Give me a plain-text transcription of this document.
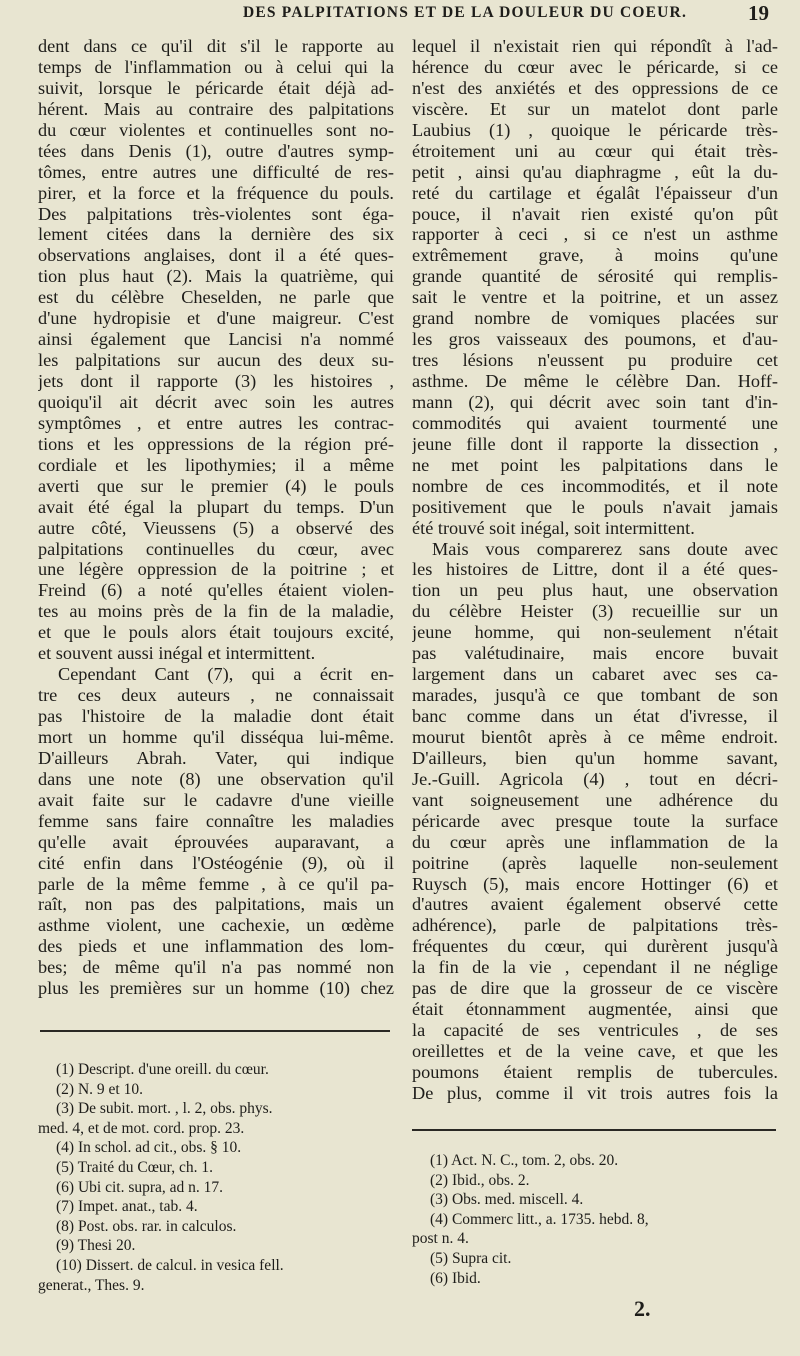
DES PALPITATIONS ET DE LA DOULEUR DU COEUR.	19
dent dans ce qu'il dit s'il le rapporte au
temps de l'inflammation ou à celui qui la
suivit, lorsque le péricarde était déjà ad-
hérent. Mais au contraire des palpitations
du cœur violentes et continuelles sont no-
tées dans Denis (1), outre d'autres symp-
tômes, entre autres une difficulté de res-
pirer, et la force et la fréquence du pouls.
Des palpitations très-violentes sont éga-
lement citées dans la dernière des six
observations anglaises, dont il a été ques-
tion plus haut (2). Mais la quatrième, qui
est du célèbre Cheselden, ne parle que
d'une hydropisie et d'une maigreur. C'est
ainsi également que Lancisi n'a nommé
les palpitations sur aucun des deux su-
jets dont il rapporte (3) les histoires ,
quoiqu'il ait décrit avec soin les autres
symptômes , et entre autres les contrac-
tions et les oppressions de la région pré-
cordiale et les lipothymies; il a même
averti que sur le premier (4) le pouls
avait été égal la plupart du temps. D'un
autre côté, Vieussens (5) a observé des
palpitations continuelles du cœur, avec
une légère oppression de la poitrine ; et
Freind (6) a noté qu'elles étaient violen-
tes au moins près de la fin de la maladie,
et que le pouls alors était toujours excité,
et souvent aussi inégal et intermittent.
Cependant Cant (7), qui a écrit en-
tre ces deux auteurs , ne connaissait
pas l'histoire de la maladie dont était
mort un homme qu'il disséqua lui-même.
D'ailleurs Abrah. Vater, qui indique
dans une note (8) une observation qu'il
avait faite sur le cadavre d'une vieille
femme sans faire connaître les maladies
qu'elle avait éprouvées auparavant, a
cité enfin dans l'Ostéogénie (9), où il
parle de la même femme , à ce qu'il pa-
raît, non pas des palpitations, mais un
asthme violent, une cachexie, un œdème
des pieds et une inflammation des lom-
bes; de même qu'il n'a pas nommé non
plus les premières sur un homme (10) chez
lequel il n'existait rien qui répondît à l'ad-
hérence du cœur avec le péricarde, si ce
n'est des anxiétés et des oppressions de ce
viscère. Et sur un matelot dont parle
Laubius (1) , quoique le péricarde très-
étroitement uni au cœur qui était très-
petit , ainsi qu'au diaphragme , eût la du-
reté du cartilage et égalât l'épaisseur d'un
pouce, il n'avait rien existé qu'on pût
rapporter à ceci , si ce n'est un asthme
extrêmement grave, à moins qu'une
grande quantité de sérosité qui remplis-
sait le ventre et la poitrine, et un assez
grand nombre de vomiques placées sur
les gros vaisseaux des poumons, et d'au-
tres lésions n'eussent pu produire cet
asthme. De même le célèbre Dan. Hoff-
mann (2), qui décrit avec soin tant d'in-
commodités qui avaient tourmenté une
jeune fille dont il rapporte la dissection ,
ne met point les palpitations dans le
nombre de ces incommodités, et il note
positivement que le pouls n'avait jamais
été trouvé soit inégal, soit intermittent.
Mais vous comparerez sans doute avec
les histoires de Littre, dont il a été ques-
tion un peu plus haut, une observation
du célèbre Heister (3) recueillie sur un
jeune homme, qui non-seulement n'était
pas valétudinaire, mais encore buvait
largement dans un cabaret avec ses ca-
marades, jusqu'à ce que tombant de son
banc comme dans un état d'ivresse, il
mourut bientôt après à ce même endroit.
D'ailleurs, bien qu'un homme savant,
Je.-Guill. Agricola (4) , tout en décri-
vant soigneusement une adhérence du
péricarde avec presque toute la surface
du cœur après une inflammation de la
poitrine (après laquelle non-seulement
Ruysch (5), mais encore Hottinger (6) et
d'autres avaient également observé cette
adhérence), parle de palpitations très-
fréquentes du cœur, qui durèrent jusqu'à
la fin de la vie , cependant il ne néglige
pas de dire que la grosseur de ce viscère
était étonnamment augmentée, ainsi que
la capacité de ses ventricules , de ses
oreillettes et de la veine cave, et que les
poumons étaient remplis de tubercules.
De plus, comme il vit trois autres fois la
(1) Descript. d'une oreill. du cœur.
(2) N. 9 et 10.
(3) De subit. mort. , l. 2, obs. phys.
med. 4, et de mot. cord. prop. 23.
(4) In schol. ad cit., obs. § 10.
(5) Traité du Cœur, ch. 1.
(6) Ubi cit. supra, ad n. 17.
(7) Impet. anat., tab. 4.
(8) Post. obs. rar. in calculos.
(9) Thesi 20.
(10) Dissert. de calcul. in vesica fell.
generat., Thes. 9.
(1) Act. N. C., tom. 2, obs. 20.
(2) Ibid., obs. 2.
(3) Obs. med. miscell. 4.
(4) Commerc litt., a. 1735. hebd. 8,
post n. 4.
(5) Supra cit.
(6) Ibid.
2.
